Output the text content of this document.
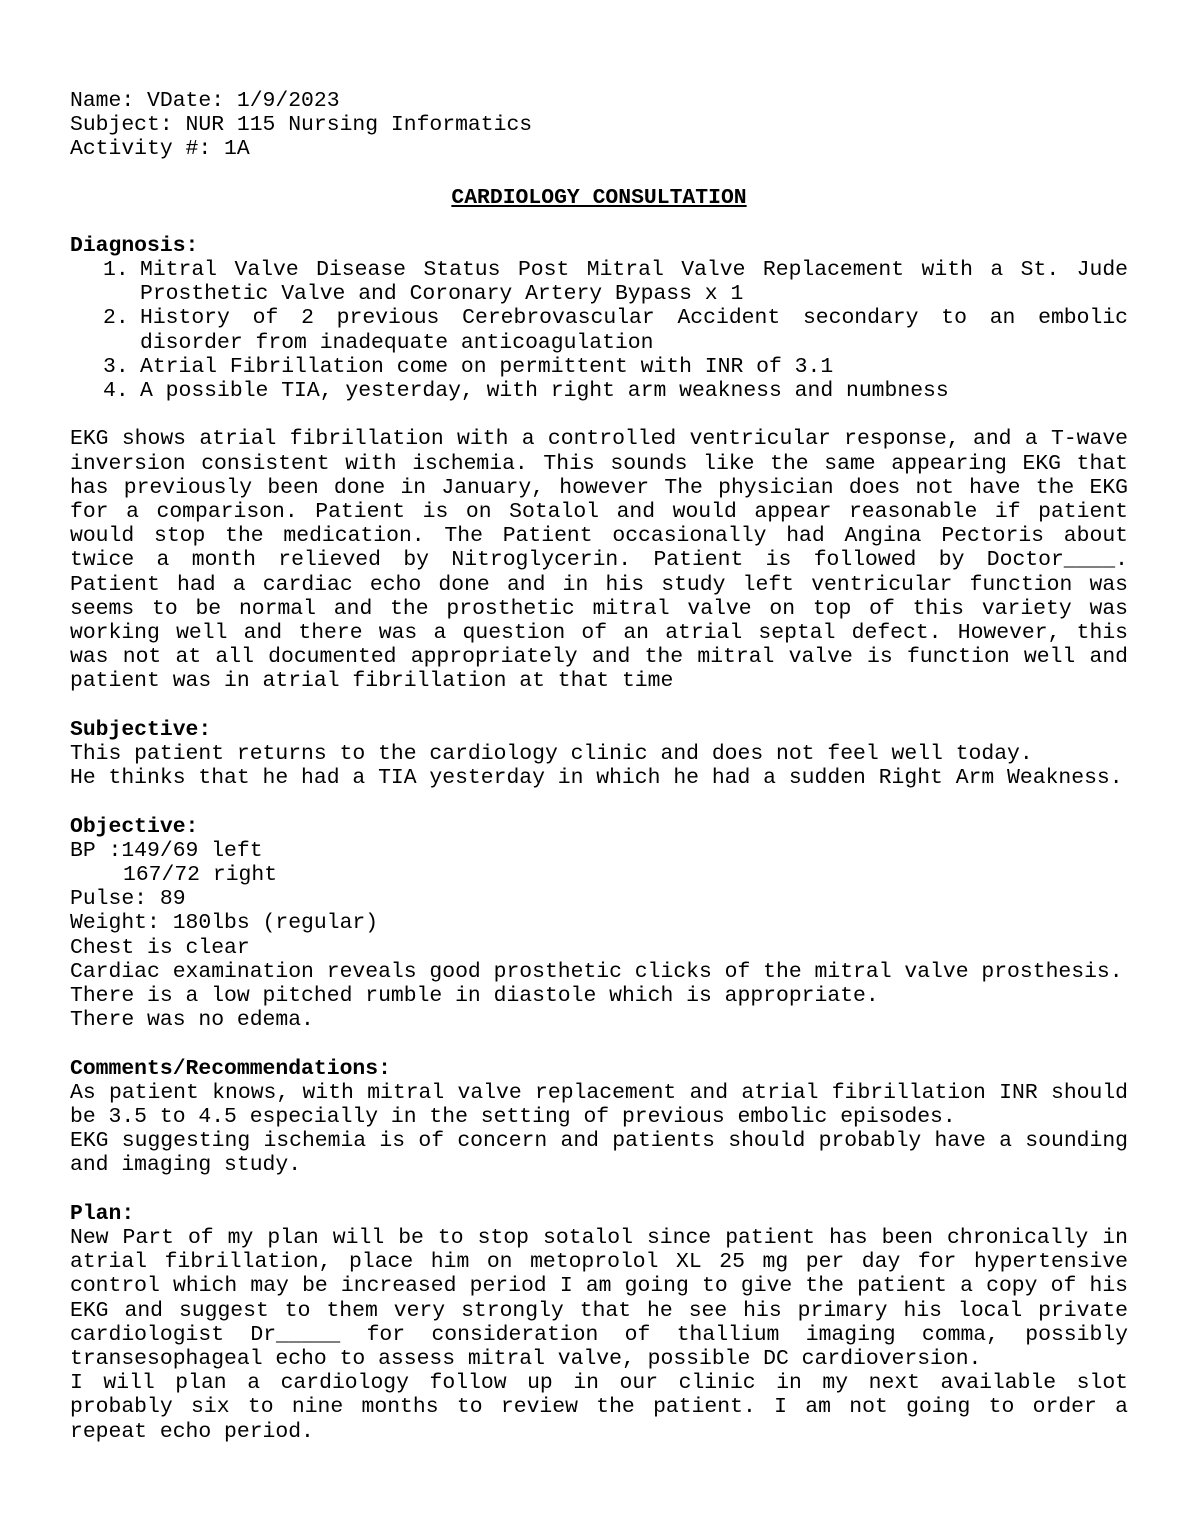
Name: VDate: 1/9/2023
Subject: NUR 115 Nursing Informatics
Activity #: 1A
CARDIOLOGY CONSULTATION
Diagnosis:
1. Mitral Valve Disease Status Post Mitral Valve Replacement with a St. Jude Prosthetic Valve and Coronary Artery Bypass x 1
2. History of 2 previous Cerebrovascular Accident secondary to an embolic disorder from inadequate anticoagulation
3. Atrial Fibrillation come on permittent with INR of 3.1
4. A possible TIA, yesterday, with right arm weakness and numbness
EKG shows atrial fibrillation with a controlled ventricular response, and a T-wave inversion consistent with ischemia. This sounds like the same appearing EKG that has previously been done in January, however The physician does not have the EKG for a comparison. Patient is on Sotalol and would appear reasonable if patient would stop the medication. The Patient occasionally had Angina Pectoris about twice a month relieved by Nitroglycerin. Patient is followed by Doctor____. Patient had a cardiac echo done and in his study left ventricular function was seems to be normal and the prosthetic mitral valve on top of this variety was working well and there was a question of an atrial septal defect. However, this was not at all documented appropriately and the mitral valve is function well and patient was in atrial fibrillation at that time
Subjective:
This patient returns to the cardiology clinic and does not feel well today.
He thinks that he had a TIA yesterday in which he had a sudden Right Arm Weakness.
Objective:
BP :149/69 left
167/72 right
Pulse: 89
Weight: 180lbs (regular)
Chest is clear
Cardiac examination reveals good prosthetic clicks of the mitral valve prosthesis.
There is a low pitched rumble in diastole which is appropriate.
There was no edema.
Comments/Recommendations:
As patient knows, with mitral valve replacement and atrial fibrillation INR should be 3.5 to 4.5 especially in the setting of previous embolic episodes.
EKG suggesting ischemia is of concern and patients should probably have a sounding and imaging study.
Plan:
New Part of my plan will be to stop sotalol since patient has been chronically in atrial fibrillation, place him on metoprolol XL 25 mg per day for hypertensive control which may be increased period I am going to give the patient a copy of his EKG and suggest to them very strongly that he see his primary his local private cardiologist Dr_____ for consideration of thallium imaging comma, possibly transesophageal echo to assess mitral valve, possible DC cardioversion.
I will plan a cardiology follow up in our clinic in my next available slot probably six to nine months to review the patient. I am not going to order a repeat echo period.
